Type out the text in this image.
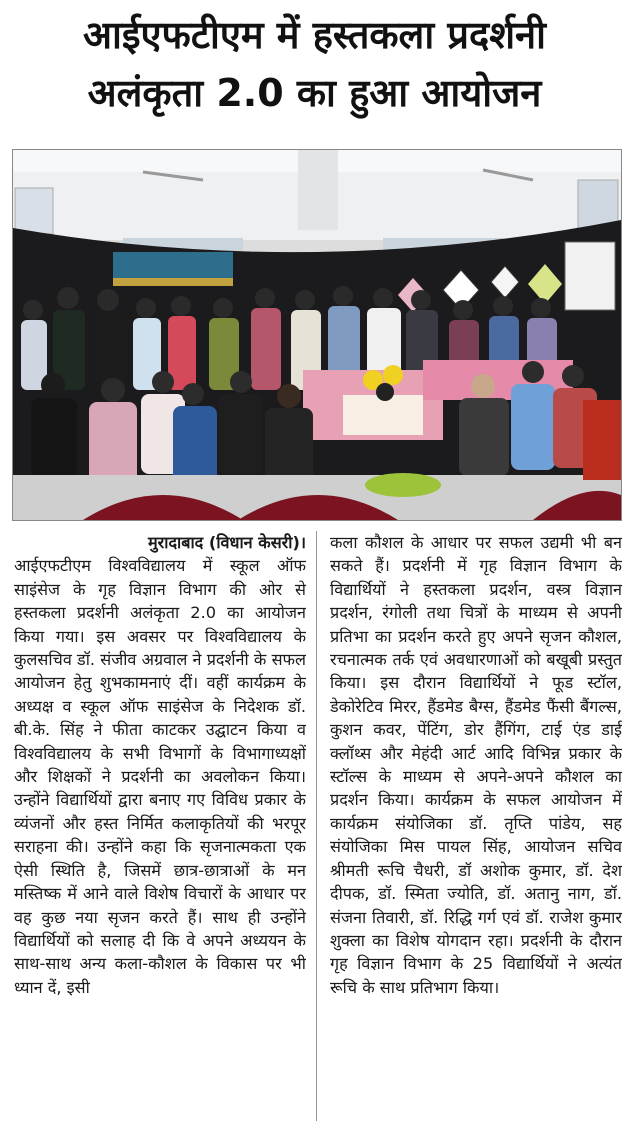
आईएफटीएम में हस्तकला प्रदर्शनी
अलंकृता 2.0 का हुआ आयोजन
मुरादाबाद (विधान केसरी)।
आईएफटीएम विश्वविद्यालय में स्कूल ऑफ साइंसेज के गृह विज्ञान विभाग की ओर से हस्तकला प्रदर्शनी अलंकृता 2.0 का आयोजन किया गया। इस अवसर पर विश्वविद्यालय के कुलसचिव डॉ. संजीव अग्रवाल ने प्रदर्शनी के सफल आयोजन हेतु शुभकामनाएं दीं। वहीं कार्यक्रम के अध्यक्ष व स्कूल ऑफ साइंसेज के निदेशक डॉ. बी.के. सिंह ने फीता काटकर उद्घाटन किया व विश्वविद्यालय के सभी विभागों के विभागाध्यक्षों और शिक्षकों ने प्रदर्शनी का अवलोकन किया। उन्होंने विद्यार्थियों द्वारा बनाए गए विविध प्रकार के व्यंजनों और हस्त निर्मित कलाकृतियों की भरपूर सराहना की। उन्होंने कहा कि सृजनात्मकता एक ऐसी स्थिति है, जिसमें छात्र-छात्राओं के मन मस्तिष्क में आने वाले विशेष विचारों के आधार पर वह कुछ नया सृजन करते हैं। साथ ही उन्होंने विद्यार्थियों को सलाह दी कि वे अपने अध्ययन के साथ-साथ अन्य कला-कौशल के विकास पर भी ध्यान दें, इसी
कला कौशल के आधार पर सफल उद्यमी भी बन सकते हैं। प्रदर्शनी में गृह विज्ञान विभाग के विद्यार्थियों ने हस्तकला प्रदर्शन, वस्त्र विज्ञान प्रदर्शन, रंगोली तथा चित्रों के माध्यम से अपनी प्रतिभा का प्रदर्शन करते हुए अपने सृजन कौशल, रचनात्मक तर्क एवं अवधारणाओं को बखूबी प्रस्तुत किया। इस दौरान विद्यार्थियों ने फूड स्टॉल, डेकोरेटिव मिरर, हैंडमेड बैग्स, हैंडमेड फैंसी बैंगल्स, कुशन कवर, पेंटिंग, डोर हैंगिंग, टाई एंड डाई क्लॉथ्स और मेहंदी आर्ट आदि विभिन्न प्रकार के स्टॉल्स के माध्यम से अपने-अपने कौशल का प्रदर्शन किया। कार्यक्रम के सफल आयोजन में कार्यक्रम संयोजिका डॉ. तृप्ति पांडेय, सह संयोजिका मिस पायल सिंह, आयोजन सचिव श्रीमती रूचि चैधरी, डॉ अशोक कुमार, डॉ. देश दीपक, डॉ. स्मिता ज्योति, डॉ. अतानु नाग, डॉ. संजना तिवारी, डॉ. रिद्धि गर्ग एवं डॉ. राजेश कुमार शुक्ला का विशेष योगदान रहा। प्रदर्शनी के दौरान गृह विज्ञान विभाग के 25 विद्यार्थियों ने अत्यंत रूचि के साथ प्रतिभाग किया।
